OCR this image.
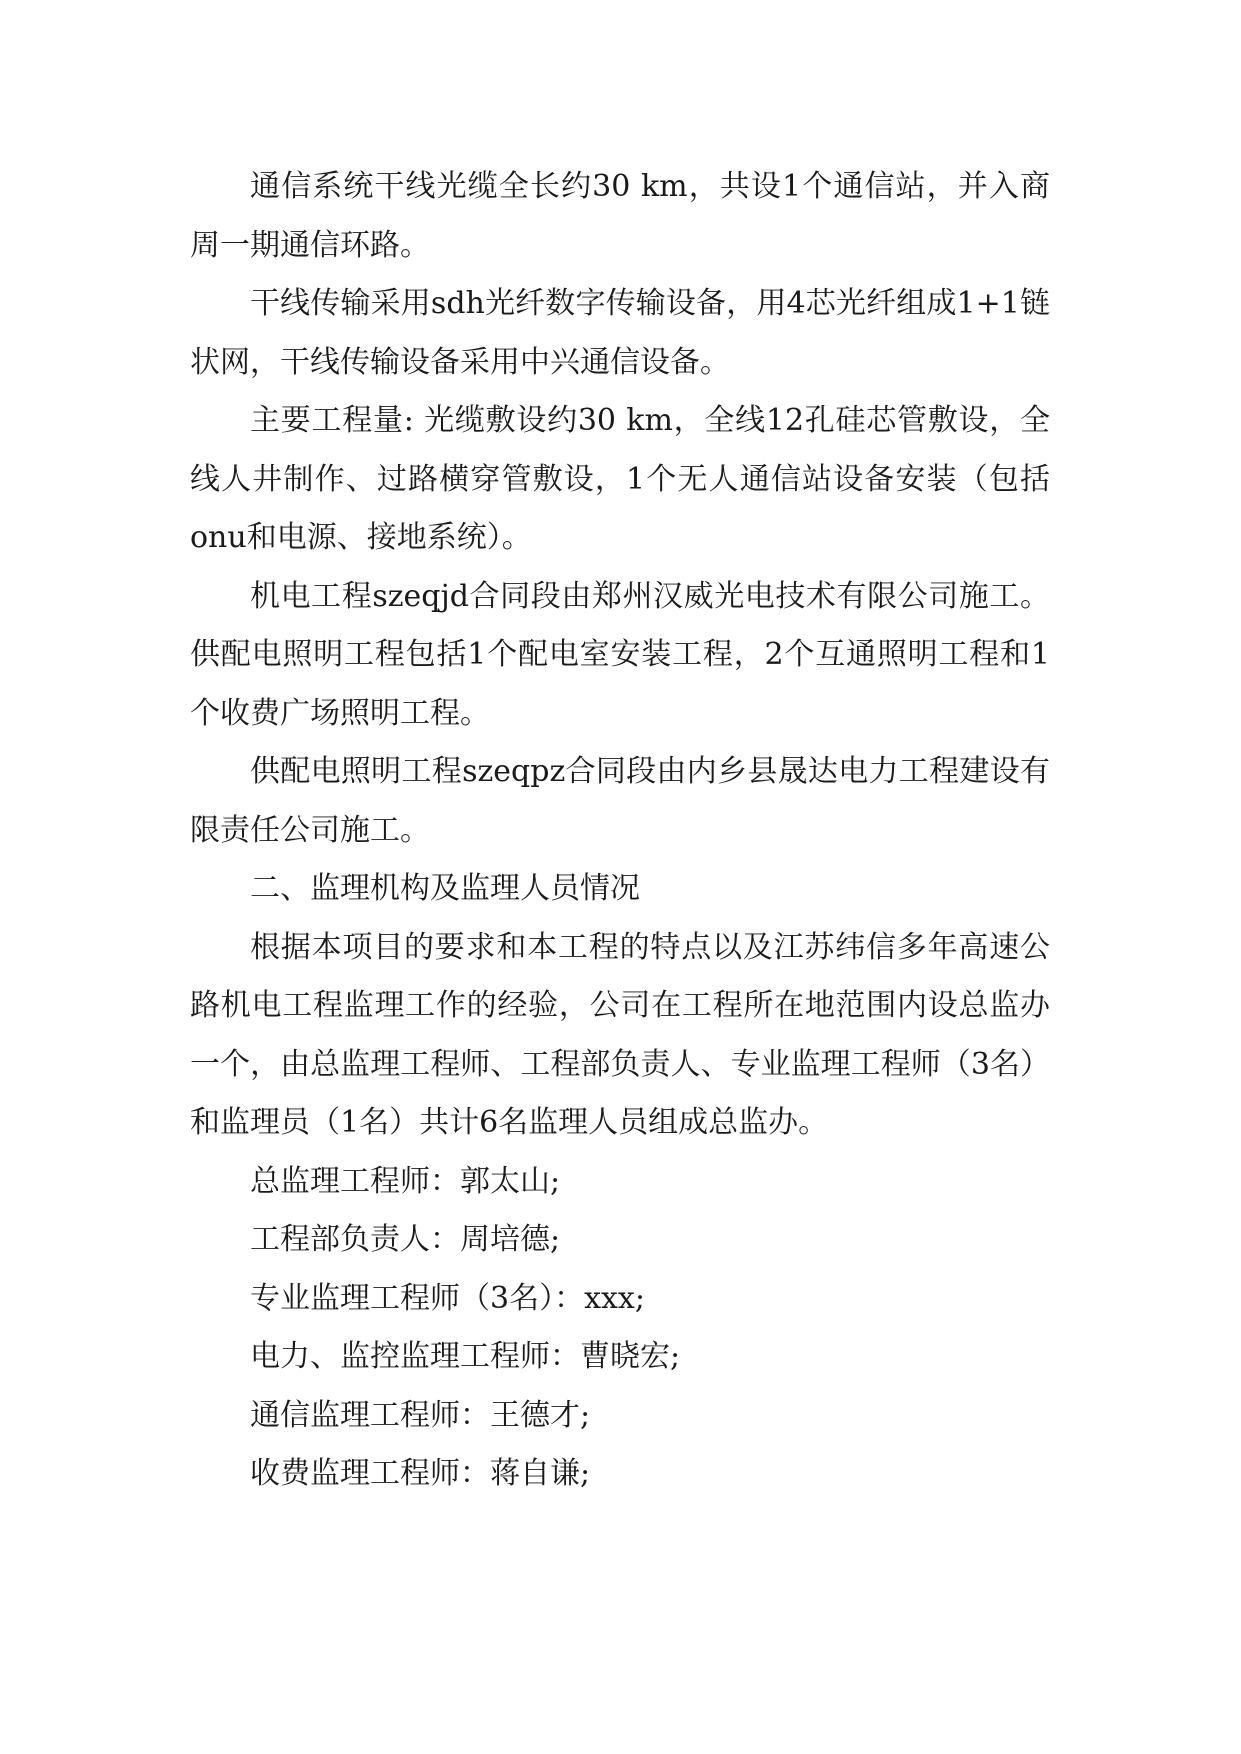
通信系统干线光缆全长约30 km，共设1个通信站，并入商周一期通信环路。

干线传输采用sdh光纤数字传输设备，用4芯光纤组成1+1链状网，干线传输设备采用中兴通信设备。

主要工程量: 光缆敷设约30 km，全线12孔硅芯管敷设，全线人井制作、过路横穿管敷设，1个无人通信站设备安装（包括onu和电源、接地系统）。

机电工程szeqjd合同段由郑州汉威光电技术有限公司施工。供配电照明工程包括1个配电室安装工程，2个互通照明工程和1个收费广场照明工程。

供配电照明工程szeqpz合同段由内乡县晟达电力工程建设有限责任公司施工。

二、监理机构及监理人员情况

根据本项目的要求和本工程的特点以及江苏纬信多年高速公路机电工程监理工作的经验，公司在工程所在地范围内设总监办一个，由总监理工程师、工程部负责人、专业监理工程师（3名）和监理员（1名）共计6名监理人员组成总监办。

总监理工程师：郭太山;

工程部负责人：周培德;

专业监理工程师（3名）：xxx;

电力、监控监理工程师：曹晓宏;

通信监理工程师：王德才;

收费监理工程师：蒋自谦;
